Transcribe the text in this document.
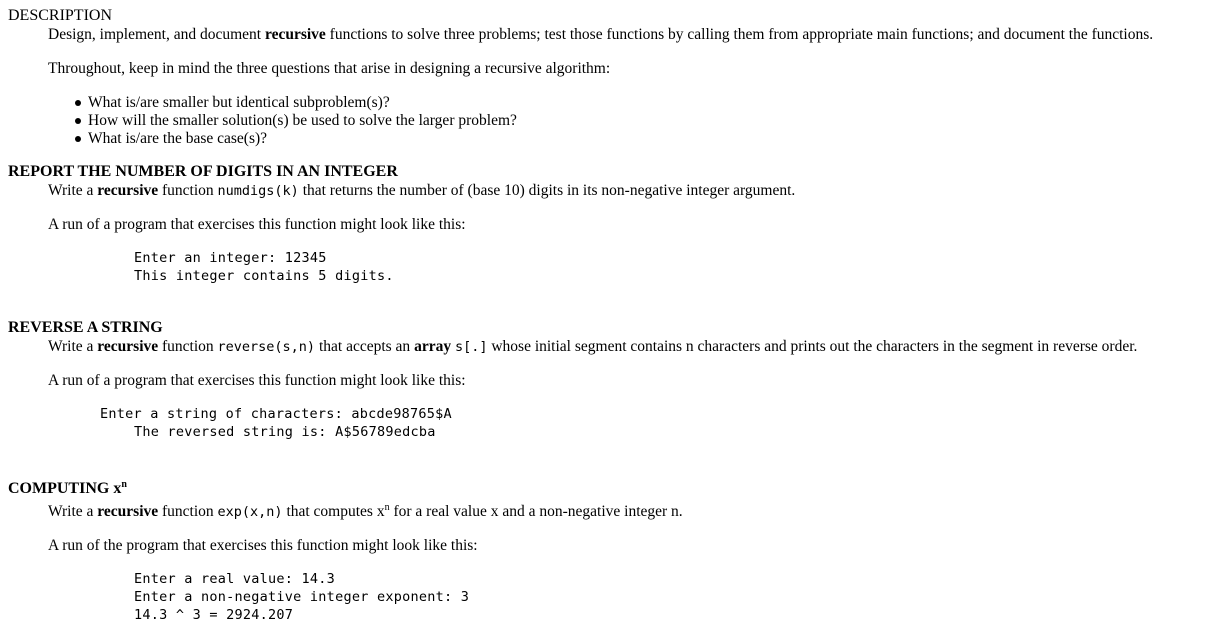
DESCRIPTION
Design, implement, and document recursive functions to solve three problems; test those functions by calling them from appropriate main functions; and document the functions.
Throughout, keep in mind the three questions that arise in designing a recursive algorithm:
What is/are smaller but identical subproblem(s)?
How will the smaller solution(s) be used to solve the larger problem?
What is/are the base case(s)?
REPORT THE NUMBER OF DIGITS IN AN INTEGER
Write a recursive function numdigs(k) that returns the number of (base 10) digits in its non-negative integer argument.
A run of a program that exercises this function might look like this:
Enter an integer: 12345
This integer contains 5 digits.
REVERSE A STRING
Write a recursive function reverse(s,n) that accepts an array s[.] whose initial segment contains n characters and prints out the characters in the segment in reverse order.
A run of a program that exercises this function might look like this:
Enter a string of characters: abcde98765$A
The reversed string is: A$56789edcba
COMPUTING $x^n$
Write a recursive function exp(x,n) that computes $x^n$ for a real value x and a non-negative integer n.
A run of the program that exercises this function might look like this:
Enter a real value: 14.3
Enter a non-negative integer exponent: 3
14.3 ^ 3 = 2924.207
